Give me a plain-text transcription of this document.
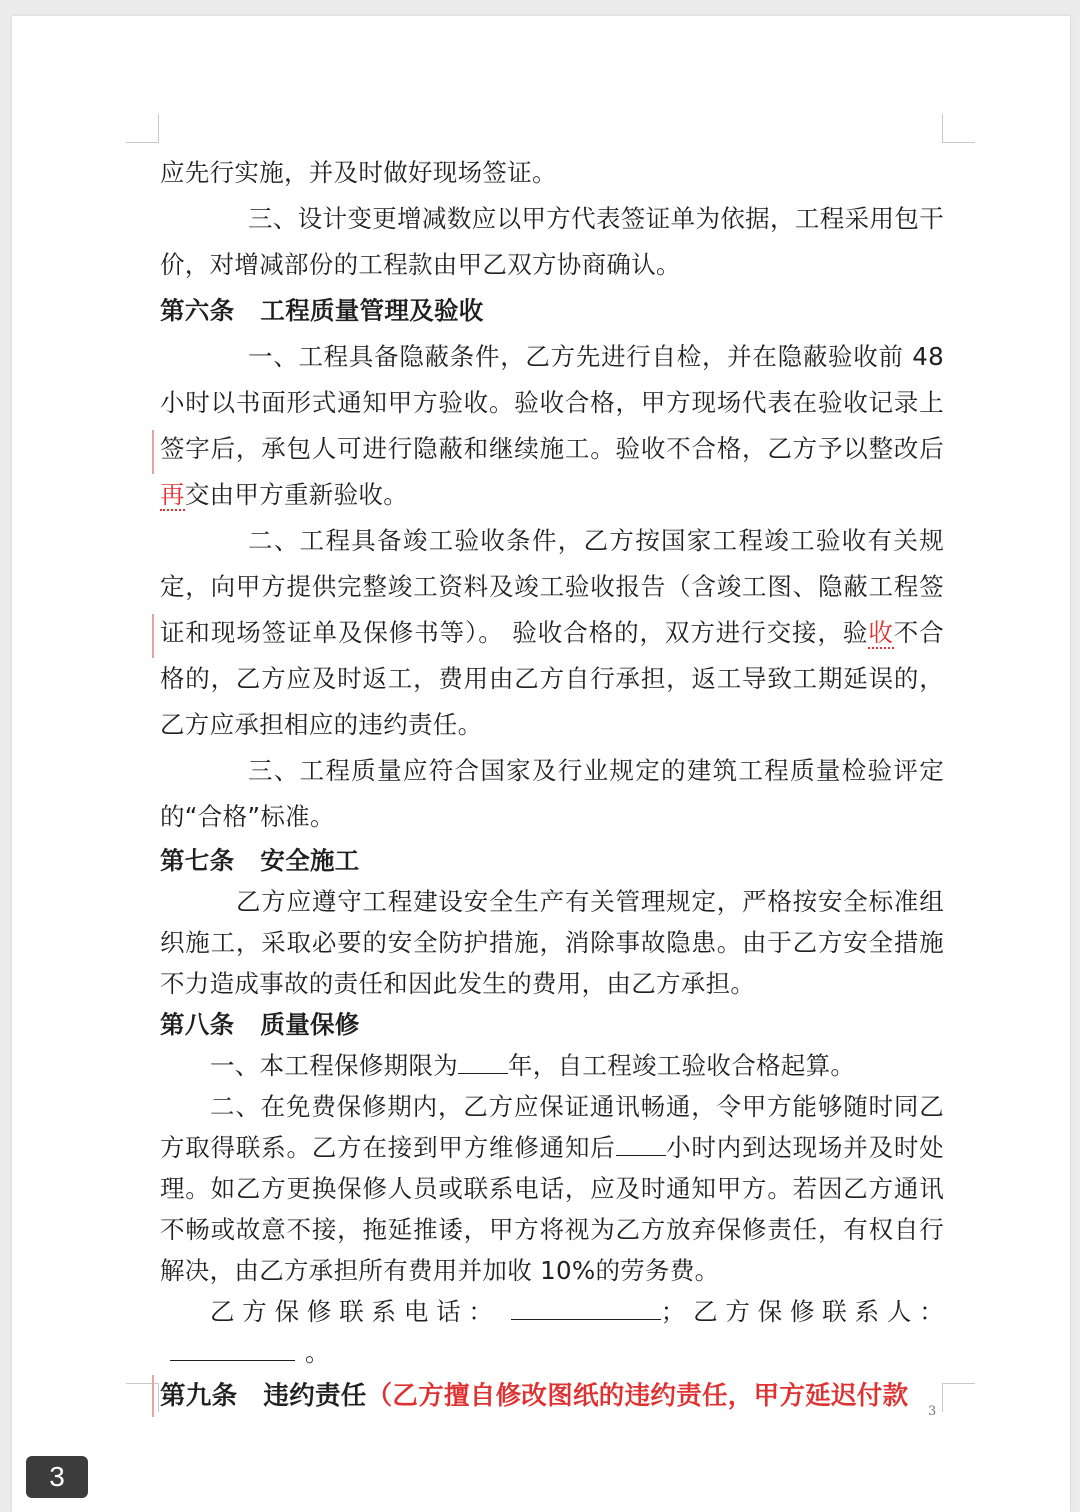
应先行实施，并及时做好现场签证。

三、设计变更增减数应以甲方代表签证单为依据，工程采用包干价，对增减部份的工程款由甲乙双方协商确认。

第六条 工程质量管理及验收

一、工程具备隐蔽条件，乙方先进行自检，并在隐蔽验收前 48 小时以书面形式通知甲方验收。验收合格，甲方现场代表在验收记录上签字后，承包人可进行隐蔽和继续施工。验收不合格，乙方予以整改后再交由甲方重新验收。

二、工程具备竣工验收条件，乙方按国家工程竣工验收有关规定，向甲方提供完整竣工资料及竣工验收报告（含竣工图、隐蔽工程签证和现场签证单及保修书等）。 验收合格的，双方进行交接，验收不合格的，乙方应及时返工，费用由乙方自行承担，返工导致工期延误的，乙方应承担相应的违约责任。

三、工程质量应符合国家及行业规定的建筑工程质量检验评定的“合格”标准。

第七条 安全施工

乙方应遵守工程建设安全生产有关管理规定，严格按安全标准组织施工，采取必要的安全防护措施，消除事故隐患。由于乙方安全措施不力造成事故的责任和因此发生的费用，由乙方承担。

第八条 质量保修

一、本工程保修期限为 年，自工程竣工验收合格起算。

二、在免费保修期内，乙方应保证通讯畅通，令甲方能够随时同乙方取得联系。乙方在接到甲方维修通知后 小时内到达现场并及时处理。如乙方更换保修人员或联系电话，应及时通知甲方。若因乙方通讯不畅或故意不接，拖延推诿，甲方将视为乙方放弃保修责任，有权自行解决，由乙方承担所有费用并加收 10%的劳务费。

乙方保修联系电话：	；乙方保修联系人：。

第九条 违约责任（乙方擅自修改图纸的违约责任，甲方延迟付款

3
3
